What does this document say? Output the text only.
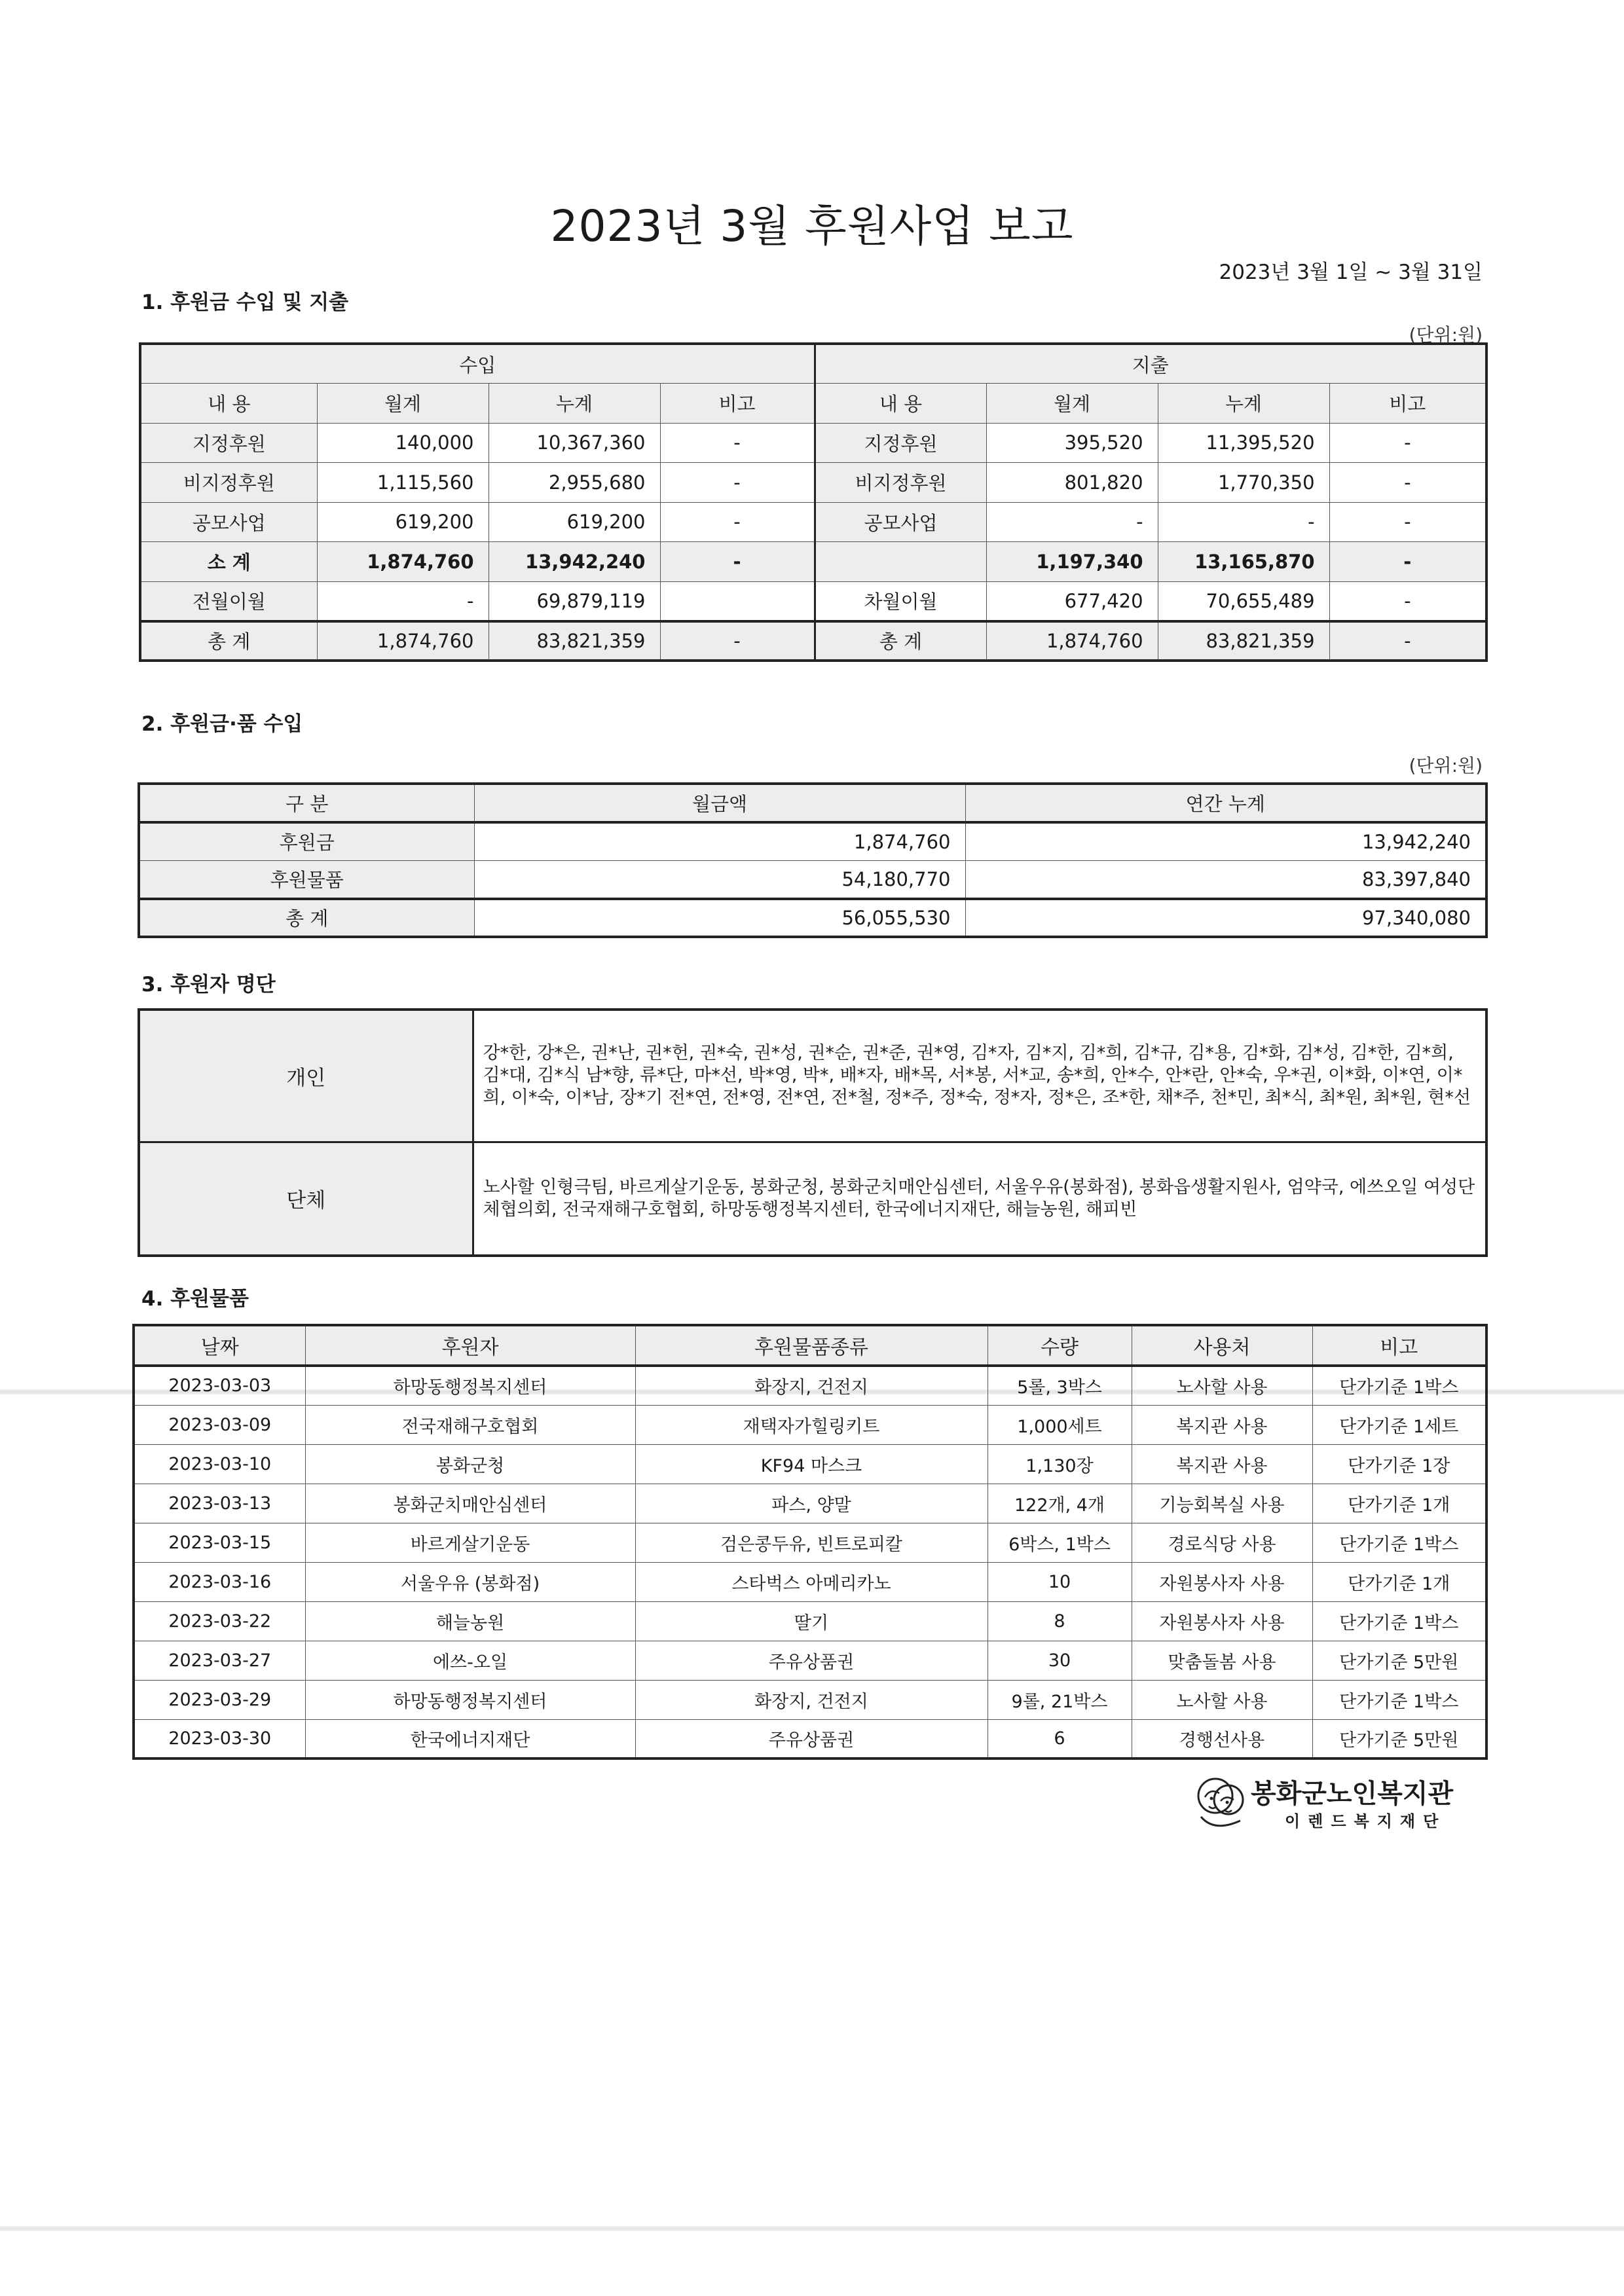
2023년 3월 후원사업 보고
2023년 3월 1일 ~ 3월 31일
1. 후원금 수입 및 지출
(단위:원)
수입				지출			
내 용	월계	누계	비고	내 용	월계	누계	비고
지정후원	140,000	10,367,360	-	지정후원	395,520	11,395,520	-
비지정후원	1,115,560	2,955,680	-	비지정후원	801,820	1,770,350	-
공모사업	619,200	619,200	-	공모사업	-	-	-
소 계	1,874,760	13,942,240	-		1,197,340	13,165,870	-
전월이월	-	69,879,119		차월이월	677,420	70,655,489	-
총 계	1,874,760	83,821,359	-	총 계	1,874,760	83,821,359	-
2. 후원금·품 수입
(단위:원)
구 분	월금액	연간 누계
후원금	1,874,760	13,942,240
후원물품	54,180,770	83,397,840
총 계	56,055,530	97,340,080
3. 후원자 명단
개인	강*한, 강*은, 권*난, 권*헌, 권*숙, 권*성, 권*순, 권*준, 권*영, 김*자, 김*지, 김*희, 김*규, 김*용, 김*화, 김*성, 김*한, 김*희, 김*대, 김*식 남*향, 류*단, 마*선, 박*영, 박*, 배*자, 배*목, 서*봉, 서*교, 송*희, 안*수, 안*란, 안*숙, 우*권, 이*화, 이*연, 이*희, 이*숙, 이*남, 장*기 전*연, 전*영, 전*연, 전*철, 정*주, 정*숙, 정*자, 정*은, 조*한, 채*주, 천*민, 최*식, 최*원, 최*원, 현*선
단체	노사할 인형극팀, 바르게살기운동, 봉화군청, 봉화군치매안심센터, 서울우유(봉화점), 봉화읍생활지원사, 엄약국, 에쓰오일 여성단체협의회, 전국재해구호협회, 하망동행정복지센터, 한국에너지재단, 해늘농원, 해피빈
4. 후원물품
날짜	후원자	후원물품종류	수량	사용처	비고
2023-03-03	하망동행정복지센터	화장지, 건전지	5롤, 3박스	노사할 사용	단가기준 1박스
2023-03-09	전국재해구호협회	재택자가힐링키트	1,000세트	복지관 사용	단가기준 1세트
2023-03-10	봉화군청	KF94 마스크	1,130장	복지관 사용	단가기준 1장
2023-03-13	봉화군치매안심센터	파스, 양말	122개, 4개	기능회복실 사용	단가기준 1개
2023-03-15	바르게살기운동	검은콩두유, 빈트로피칼	6박스, 1박스	경로식당 사용	단가기준 1박스
2023-03-16	서울우유 (봉화점)	스타벅스 아메리카노	10	자원봉사자 사용	단가기준 1개
2023-03-22	해늘농원	딸기	8	자원봉사자 사용	단가기준 1박스
2023-03-27	에쓰-오일	주유상품권	30	맞춤돌봄 사용	단가기준 5만원
2023-03-29	하망동행정복지센터	화장지, 건전지	9롤, 21박스	노사할 사용	단가기준 1박스
2023-03-30	한국에너지재단	주유상품권	6	경행선사용	단가기준 5만원
봉화군노인복지관
이렌드복지재단
